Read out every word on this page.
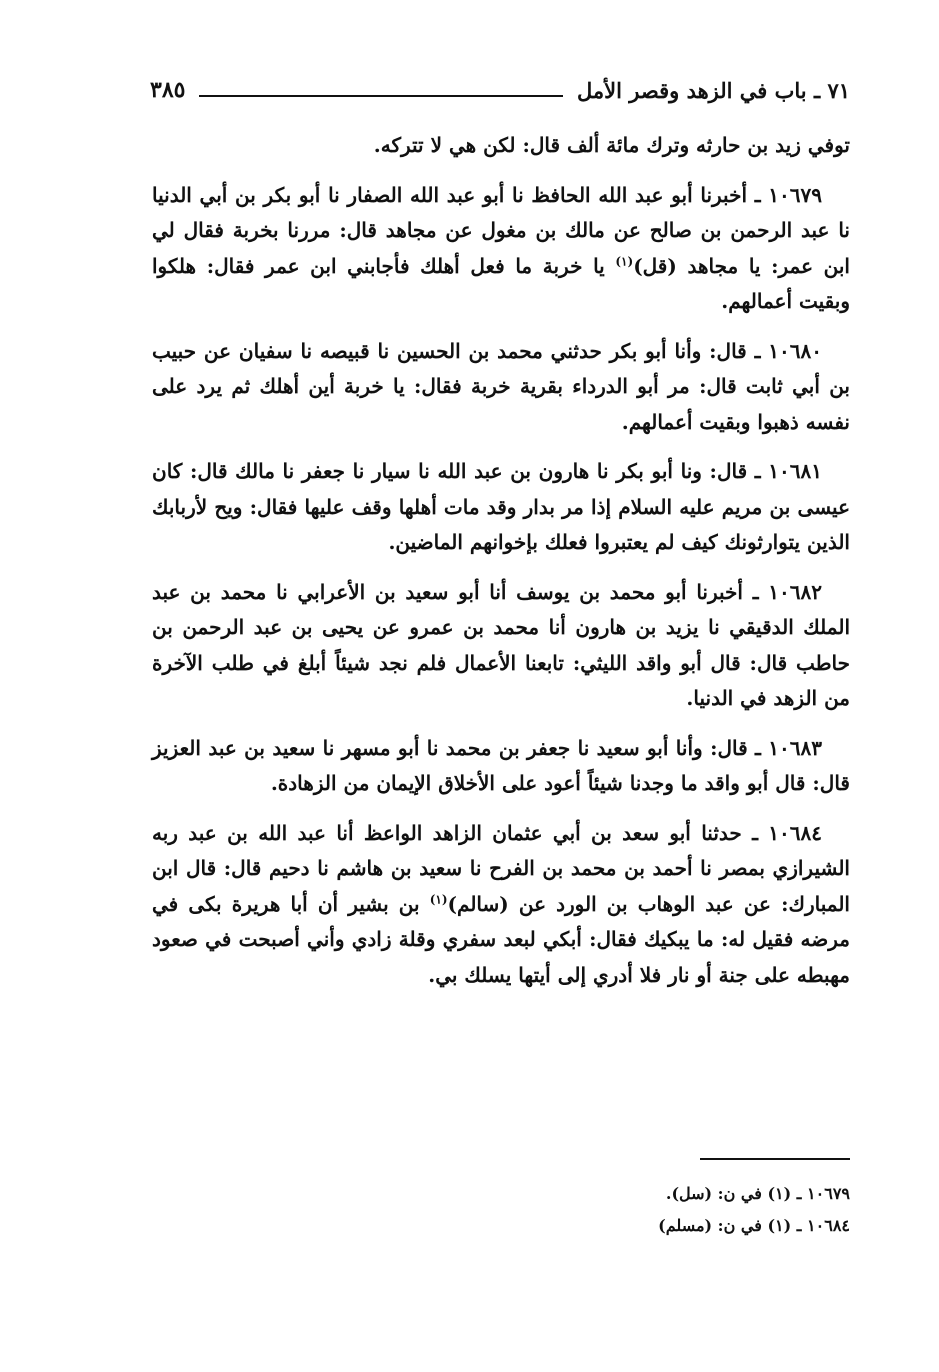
٧١ ـ باب في الزهد وقصر الأمل
٣٨٥

توفي زيد بن حارثه وترك مائة ألف قال: لكن هي لا تتركه.

١٠٦٧٩ ـ أخبرنا أبو عبد الله الحافظ نا أبو عبد الله الصفار نا أبو بكر بن أبي الدنيا نا عبد الرحمن بن صالح عن مالك بن مغول عن مجاهد قال: مررنا بخربة فقال لي ابن عمر: يا مجاهد (قل)$^{(١)}$ يا خربة ما فعل أهلك فأجابني ابن عمر فقال: هلكوا وبقيت أعمالهم.

١٠٦٨٠ ـ قال: وأنا أبو بكر حدثني محمد بن الحسين نا قبيصه نا سفيان عن حبيب بن أبي ثابت قال: مر أبو الدرداء بقرية خربة فقال: يا خربة أين أهلك ثم يرد على نفسه ذهبوا وبقيت أعمالهم.

١٠٦٨١ ـ قال: ونا أبو بكر نا هارون بن عبد الله نا سيار نا جعفر نا مالك قال: كان عيسى بن مريم عليه السلام إذا مر بدار وقد مات أهلها وقف عليها فقال: ويح لأربابك الذين يتوارثونك كيف لم يعتبروا فعلك بإخوانهم الماضين.

١٠٦٨٢ ـ أخبرنا أبو محمد بن يوسف أنا أبو سعيد بن الأعرابي نا محمد بن عبد الملك الدقيقي نا يزيد بن هارون أنا محمد بن عمرو عن يحيى بن عبد الرحمن بن حاطب قال: قال أبو واقد الليثي: تابعنا الأعمال فلم نجد شيئاً أبلغ في طلب الآخرة من الزهد في الدنيا.

١٠٦٨٣ ـ قال: وأنا أبو سعيد نا جعفر بن محمد نا أبو مسهر نا سعيد بن عبد العزيز قال: قال أبو واقد ما وجدنا شيئاً أعود على الأخلاق الإيمان من الزهادة.

١٠٦٨٤ ـ حدثنا أبو سعد بن أبي عثمان الزاهد الواعظ أنا عبد الله بن عبد ربه الشيرازي بمصر نا أحمد بن محمد بن الفرح نا سعيد بن هاشم نا دحيم قال: قال ابن المبارك: عن عبد الوهاب بن الورد عن (سالم)$^{(١)}$ بن بشير أن أبا هريرة بكى في مرضه فقيل له: ما يبكيك فقال: أبكي لبعد سفري وقلة زادي وأني أصبحت في صعود مهبطه على جنة أو نار فلا أدري إلى أيتها يسلك بي.

١٠٦٧٩ ـ (١) في ن: (سل).

١٠٦٨٤ ـ (١) في ن: (مسلم)
